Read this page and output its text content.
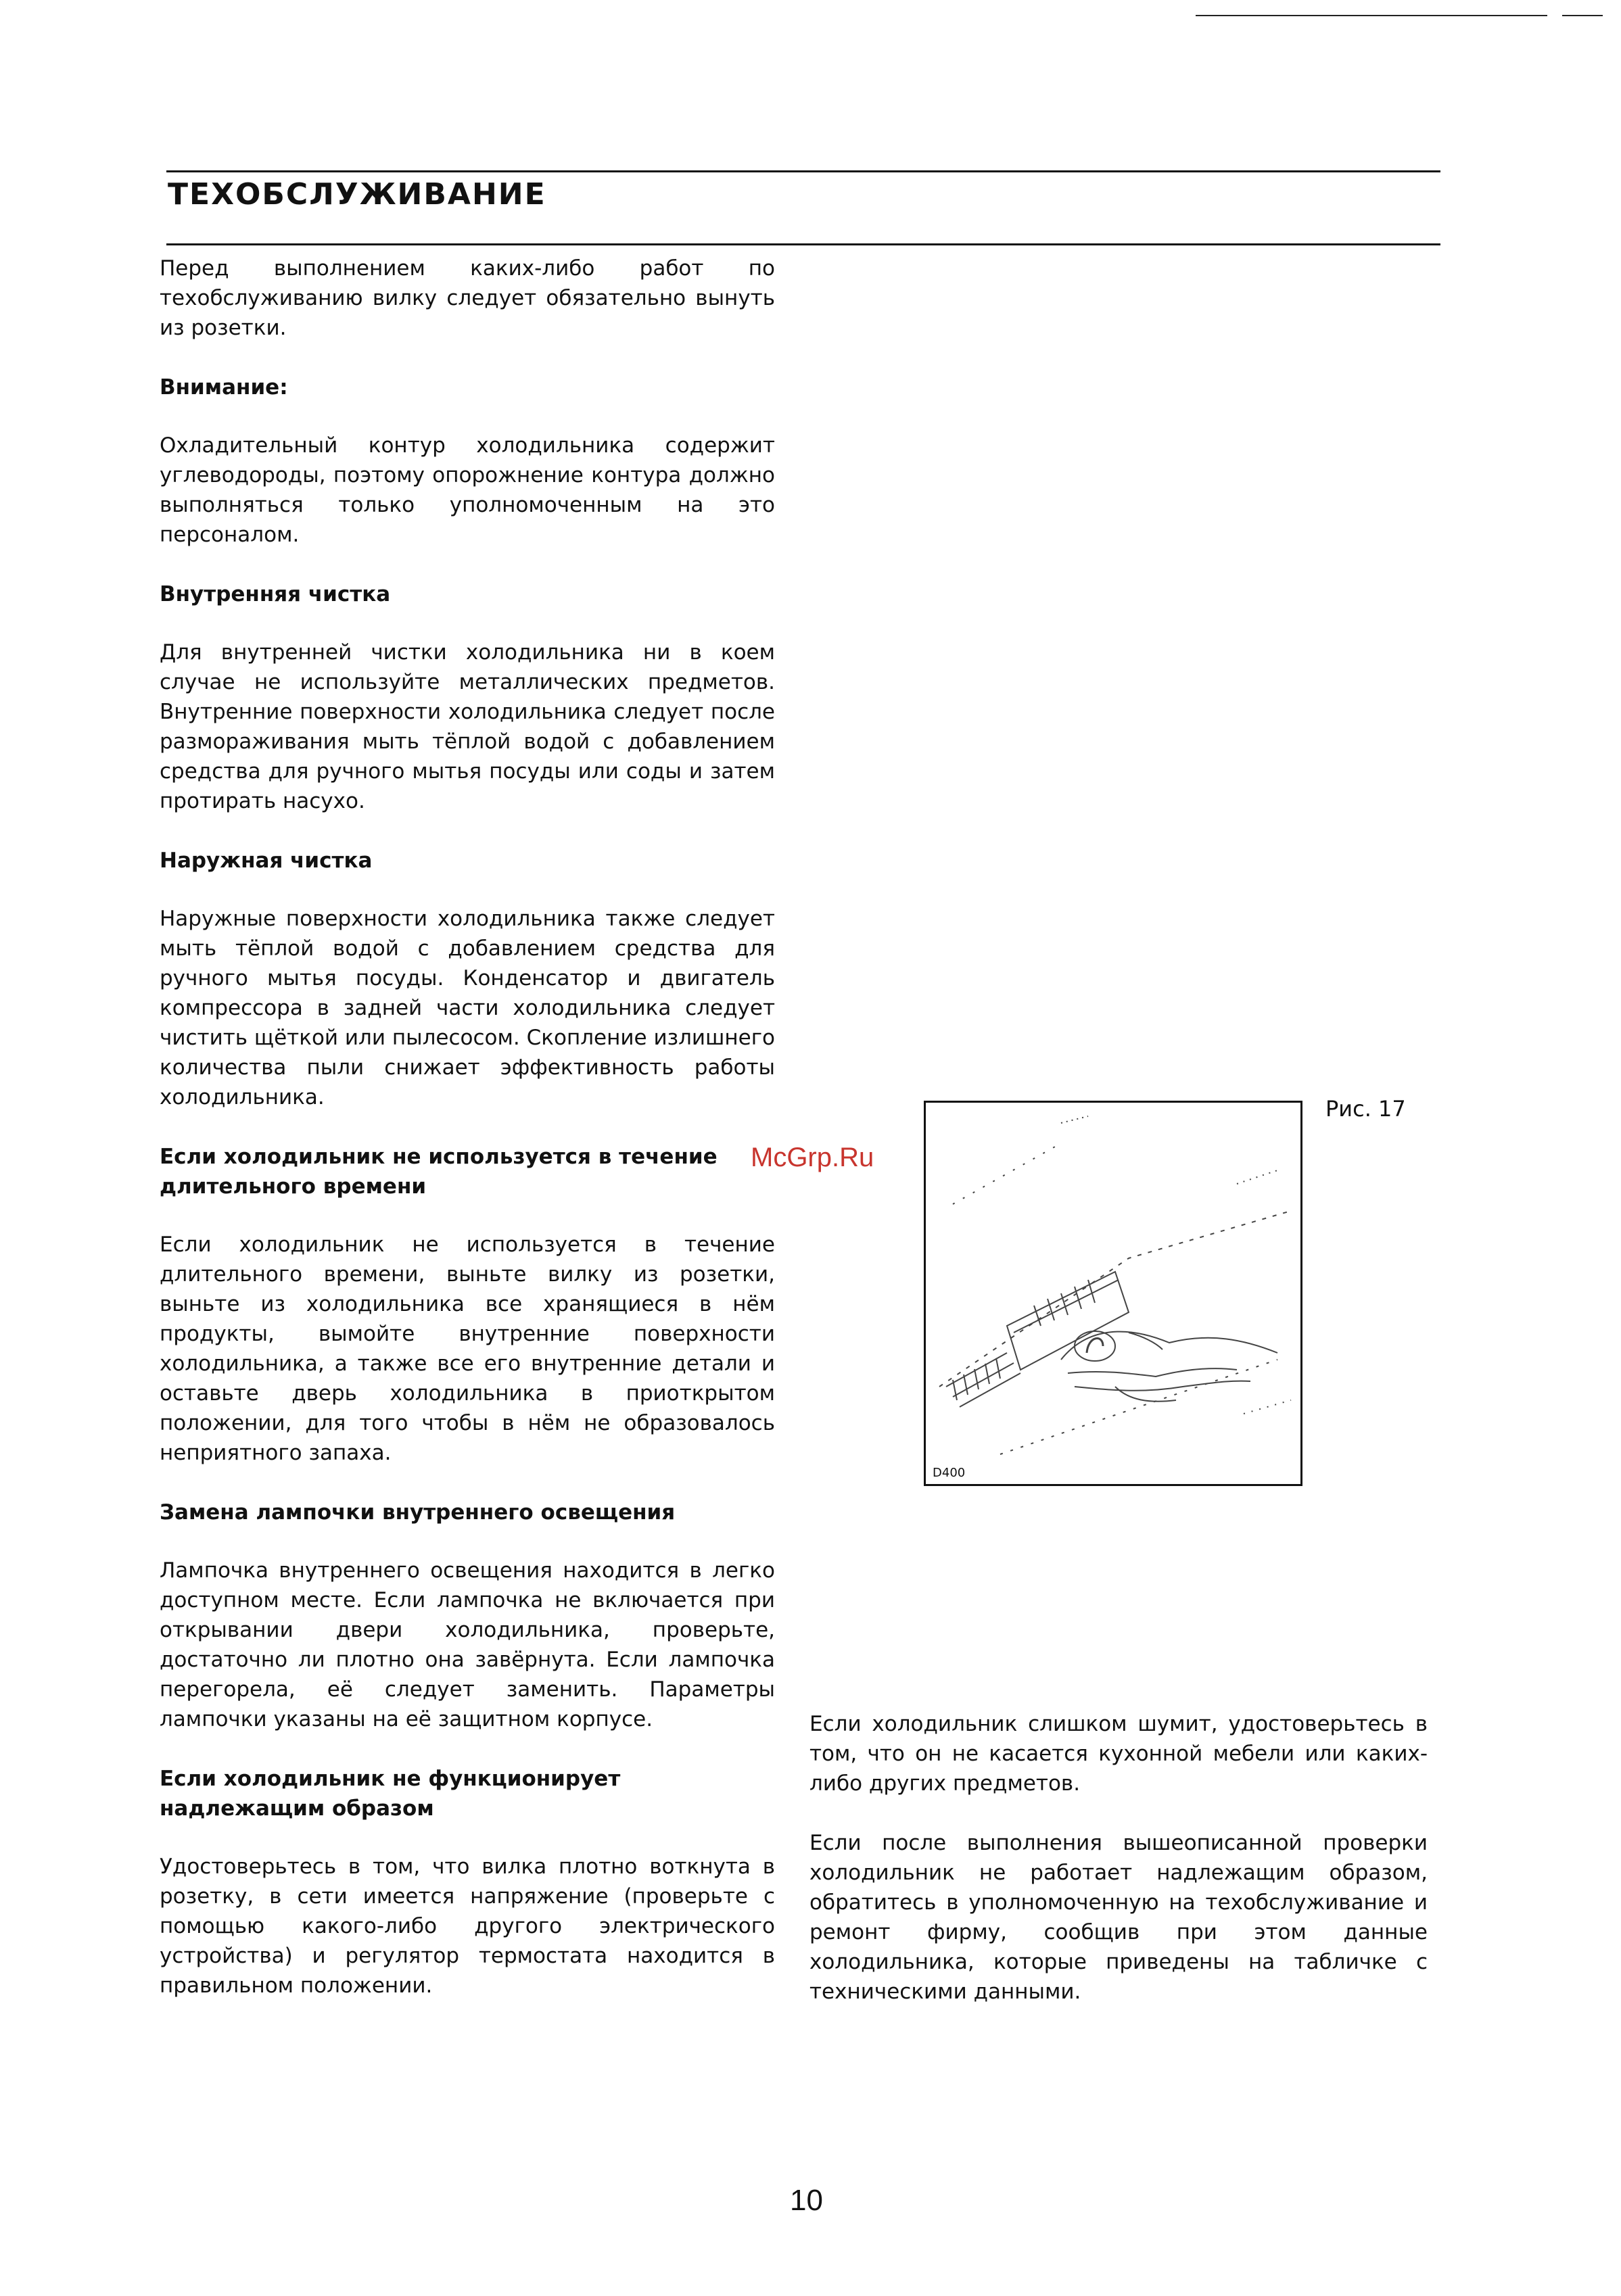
ТЕХОБСЛУЖИВАНИЕ

Перед выполнением каких-либо работ по техобслуживанию вилку следует обязательно вынуть из розетки.

Внимание:

Охладительный контур холодильника содержит углеводороды, поэтому опорожнение контура должно выполняться только уполномоченным на это персоналом.

Внутренняя чистка

Для внутренней чистки холодильника ни в коем случае не используйте металлических предметов. Внутренние поверхности холодильника следует после размораживания мыть тёплой водой с добавлением средства для ручного мытья посуды или соды и затем протирать насухо.

Наружная чистка

Наружные поверхности холодильника также следует мыть тёплой водой с добавлением средства для ручного мытья посуды. Конденсатор и двигатель компрессора в задней части холодильника следует чистить щёткой или пылесосом. Скопление излишнего количества пыли снижает эффективность работы холодильника.

Если холодильник не используется в течение длительного времени

Если холодильник не используется в течение длительного времени, выньте вилку из розетки, выньте из холодильника все хранящиеся в нём продукты, вымойте внутренние поверхности холодильника, а также все его внутренние детали и оставьте дверь холодильника в приоткрытом положении, для того чтобы в нём не образовалось неприятного запаха.

Замена лампочки внутреннего освещения

Лампочка внутреннего освещения находится в легко доступном месте. Если лампочка не включается при открывании двери холодильника, проверьте, достаточно ли плотно она завёрнута. Если лампочка перегорела, её следует заменить. Параметры лампочки указаны на её защитном корпусе.

Если холодильник не функционирует надлежащим образом

Удостоверьтесь в том, что вилка плотно воткнута в розетку, в сети имеется напряжение (проверьте с помощью какого-либо другого электрического устройства) и регулятор термостата находится в правильном положении.

McGrp.Ru
D400
Рис. 17

Если холодильник слишком шумит, удостоверьтесь в том, что он не касается кухонной мебели или каких-либо других предметов.

Если после выполнения вышеописанной проверки холодильник не работает надлежащим образом, обратитесь в уполномоченную на техобслуживание и ремонт фирму, сообщив при этом данные холодильника, которые приведены на табличке с техническими данными.

10
